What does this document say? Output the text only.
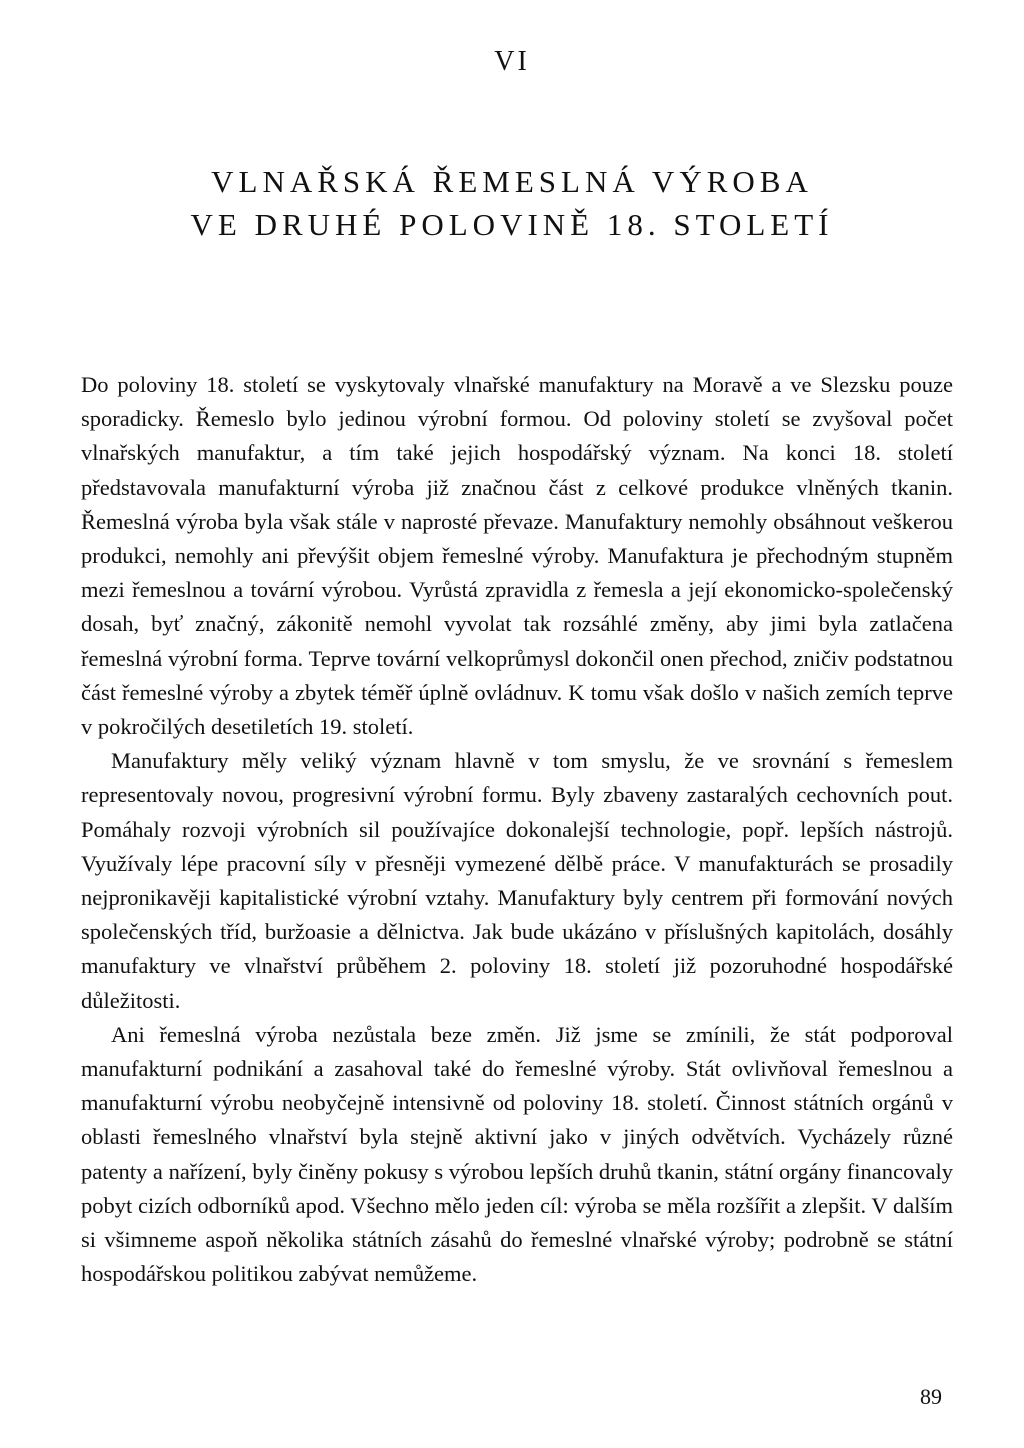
VI
VLNAŘSKÁ ŘEMESLNÁ VÝROBA
VE DRUHÉ POLOVINĚ 18. STOLETÍ

Do poloviny 18. století se vyskytovaly vlnařské manufaktury na Moravě a ve Slezsku pouze sporadicky. Řemeslo bylo jedinou výrobní formou. Od poloviny století se zvyšoval počet vlnařských manufaktur, a tím také jejich hospodářský význam. Na konci 18. století představovala manufakturní výroba již značnou část z celkové produkce vlněných tkanin. Řemeslná výroba byla však stále v naprosté převaze. Manufaktury nemohly obsáhnout veškerou produkci, nemohly ani převýšit objem řemeslné výroby. Manufaktura je přechodným stupněm mezi řemeslnou a tovární výrobou. Vyrůstá zpravidla z řemesla a její ekonomicko-společenský dosah, byť značný, zákonitě nemohl vyvolat tak rozsáhlé změny, aby jimi byla zatlačena řemeslná výrobní forma. Teprve tovární velkoprůmysl dokončil onen přechod, zničiv podstatnou část řemeslné výroby a zbytek téměř úplně ovládnuv. K tomu však došlo v našich zemích teprve v pokročilých desetiletích 19. století.

Manufaktury měly veliký význam hlavně v tom smyslu, že ve srovnání s řemeslem representovaly novou, progresivní výrobní formu. Byly zbaveny zastaralých cechovních pout. Pomáhaly rozvoji výrobních sil používajíce dokonalejší technologie, popř. lepších nástrojů. Využívaly lépe pracovní síly v přesněji vymezené dělbě práce. V manufakturách se prosadily nejpronikavěji kapitalistické výrobní vztahy. Manufaktury byly centrem při formování nových společenských tříd, buržoasie a dělnictva. Jak bude ukázáno v příslušných kapitolách, dosáhly manufaktury ve vlnařství průběhem 2. poloviny 18. století již pozoruhodné hospodářské důležitosti.

Ani řemeslná výroba nezůstala beze změn. Již jsme se zmínili, že stát podporoval manufakturní podnikání a zasahoval také do řemeslné výroby. Stát ovlivňoval řemeslnou a manufakturní výrobu neobyčejně intensivně od poloviny 18. století. Činnost státních orgánů v oblasti řemeslného vlnařství byla stejně aktivní jako v jiných odvětvích. Vycházely různé patenty a nařízení, byly činěny pokusy s výrobou lepších druhů tkanin, státní orgány financovaly pobyt cizích odborníků apod. Všechno mělo jeden cíl: výroba se měla rozšířit a zlepšit. V dalším si všimneme aspoň několika státních zásahů do řemeslné vlnařské výroby; podrobně se státní hospodářskou politikou zabývat nemůžeme.

89
